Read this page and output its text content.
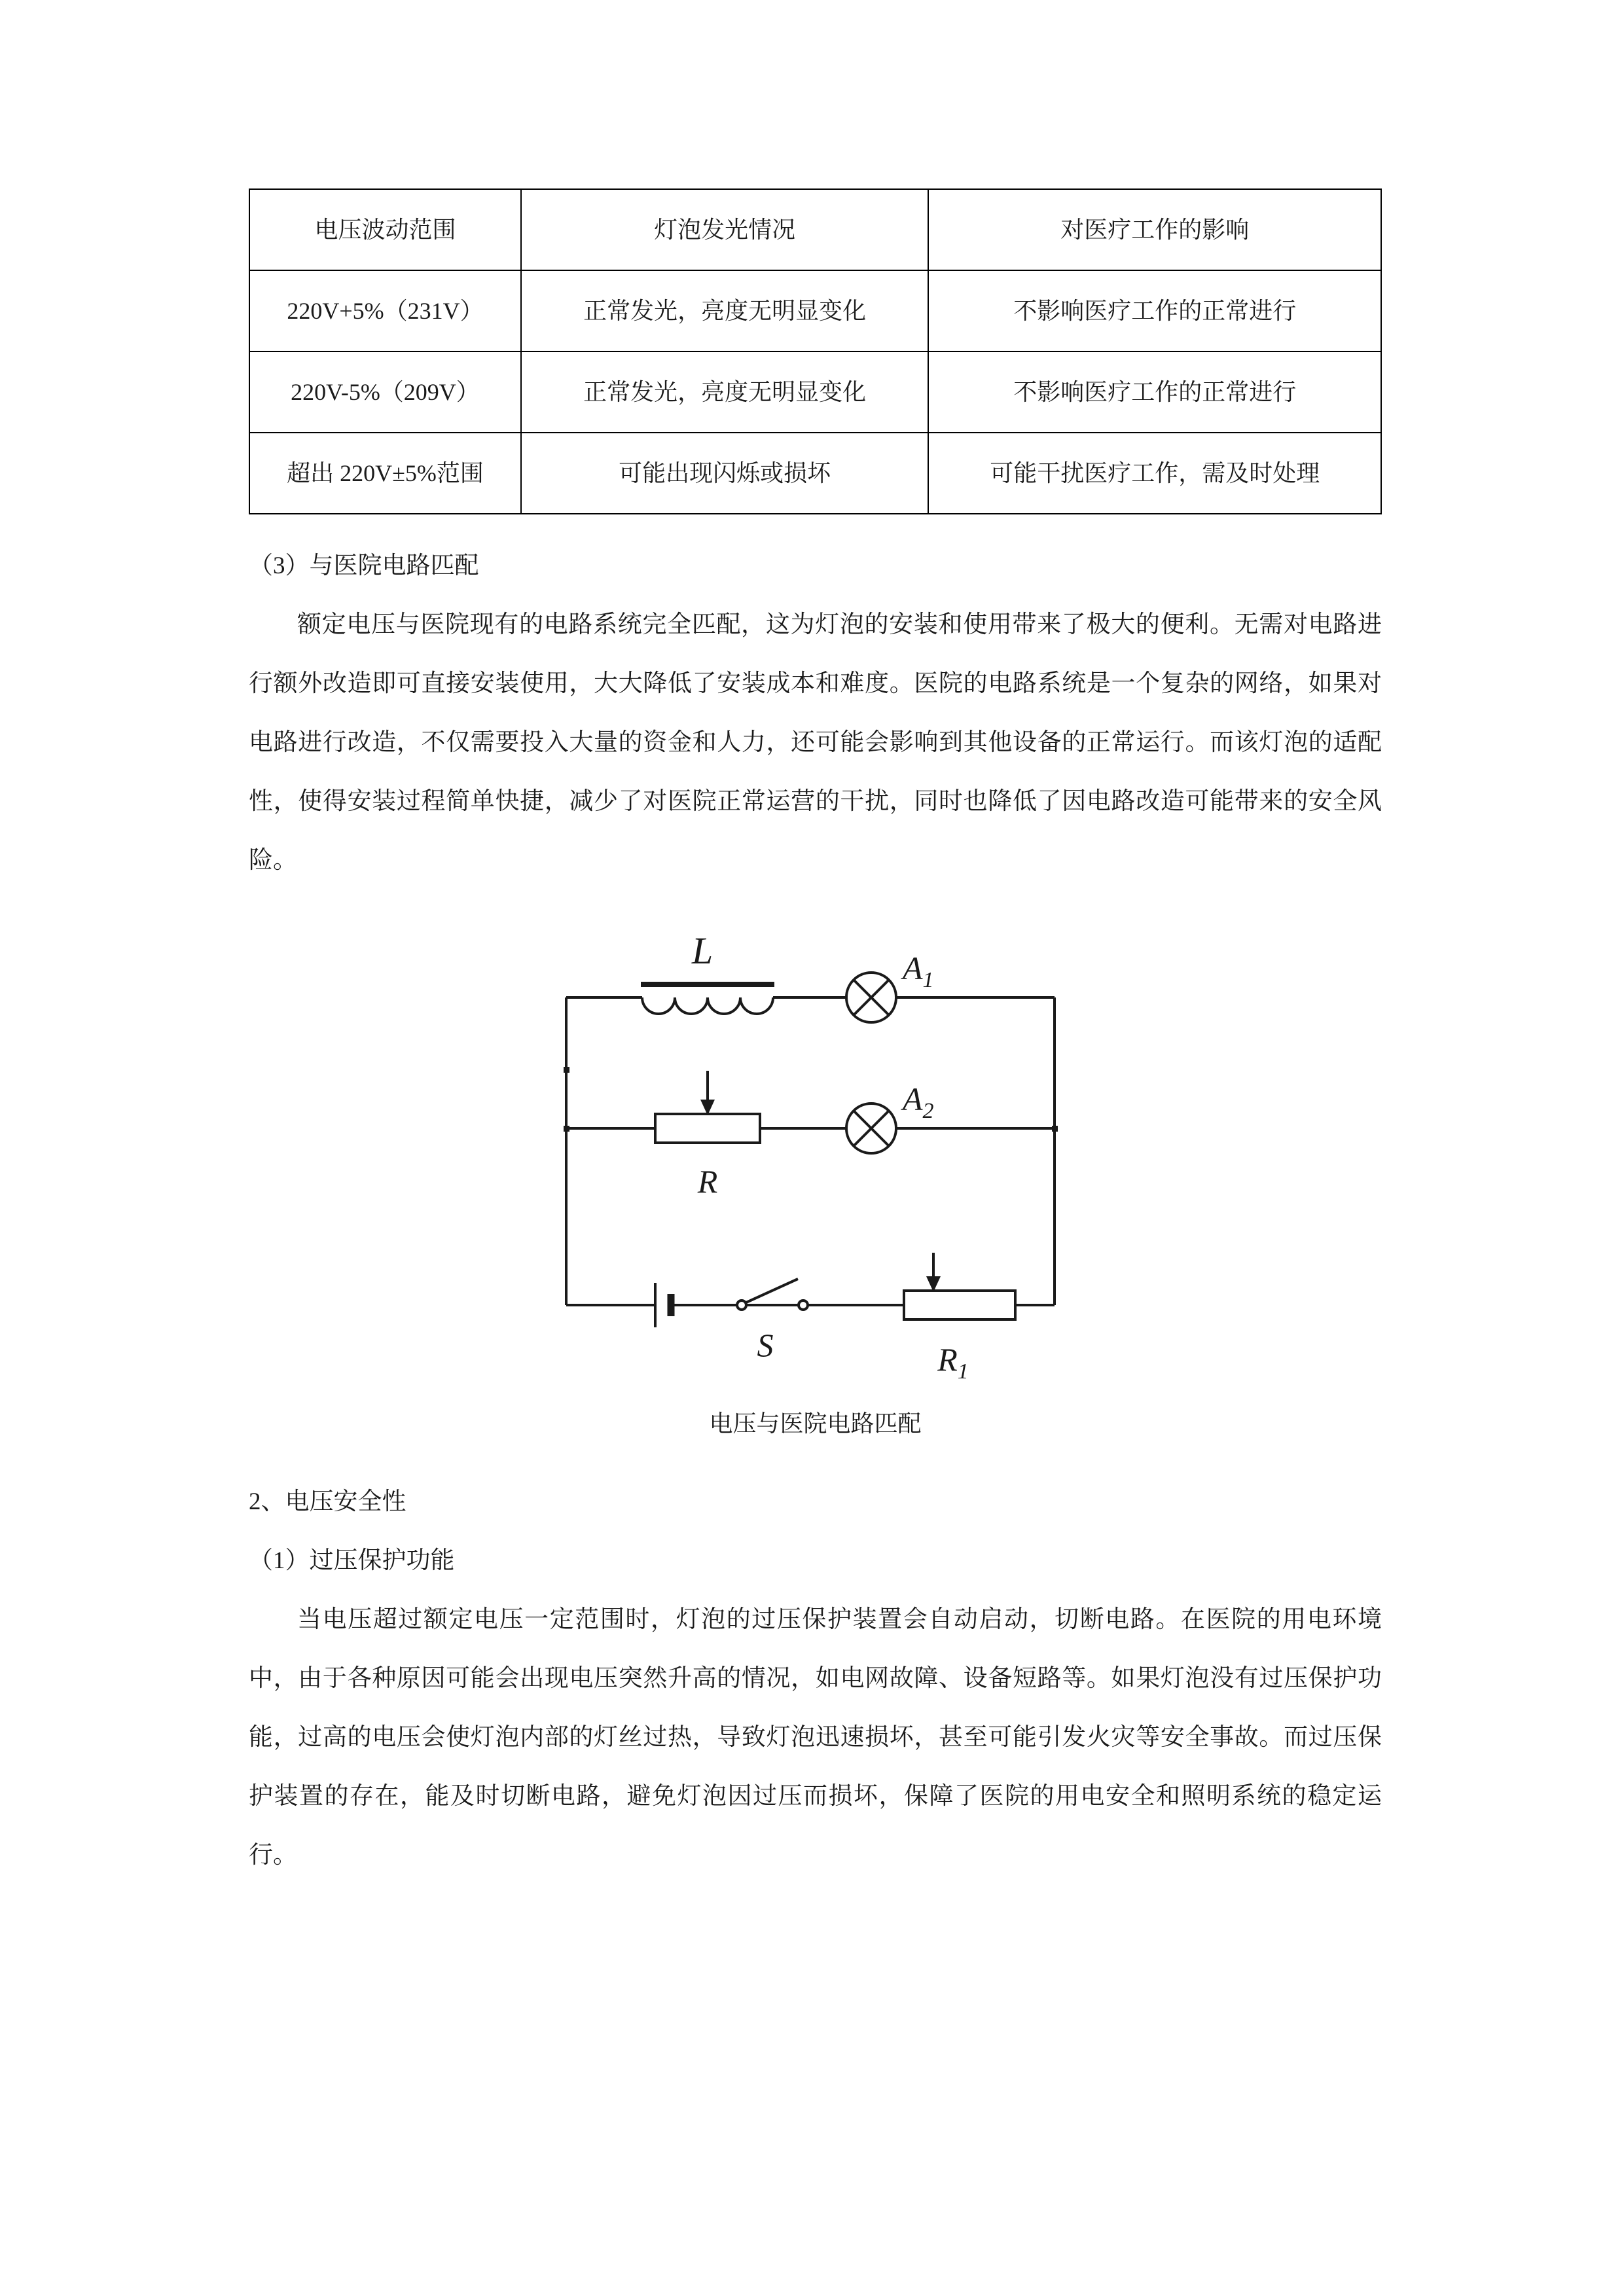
电压波动范围	灯泡发光情况	对医疗工作的影响
220V+5%（231V）	正常发光，亮度无明显变化	不影响医疗工作的正常进行
220V-5%（209V）	正常发光，亮度无明显变化	不影响医疗工作的正常进行
超出 220V±5%范围	可能出现闪烁或损坏	可能干扰医疗工作，需及时处理

（3）与医院电路匹配

额定电压与医院现有的电路系统完全匹配，这为灯泡的安装和使用带来了极大的便利。无需对电路进行额外改造即可直接安装使用，大大降低了安装成本和难度。医院的电路系统是一个复杂的网络，如果对电路进行改造，不仅需要投入大量的资金和人力，还可能会影响到其他设备的正常运行。而该灯泡的适配性，使得安装过程简单快捷，减少了对医院正常运营的干扰，同时也降低了因电路改造可能带来的安全风险。

L	$A_1$
R
$A_2$
S	$R_1$

电压与医院电路匹配

2、电压安全性

（1）过压保护功能

当电压超过额定电压一定范围时，灯泡的过压保护装置会自动启动，切断电路。在医院的用电环境中，由于各种原因可能会出现电压突然升高的情况，如电网故障、设备短路等。如果灯泡没有过压保护功能，过高的电压会使灯泡内部的灯丝过热，导致灯泡迅速损坏，甚至可能引发火灾等安全事故。而过压保护装置的存在，能及时切断电路，避免灯泡因过压而损坏，保障了医院的用电安全和照明系统的稳定运行。
